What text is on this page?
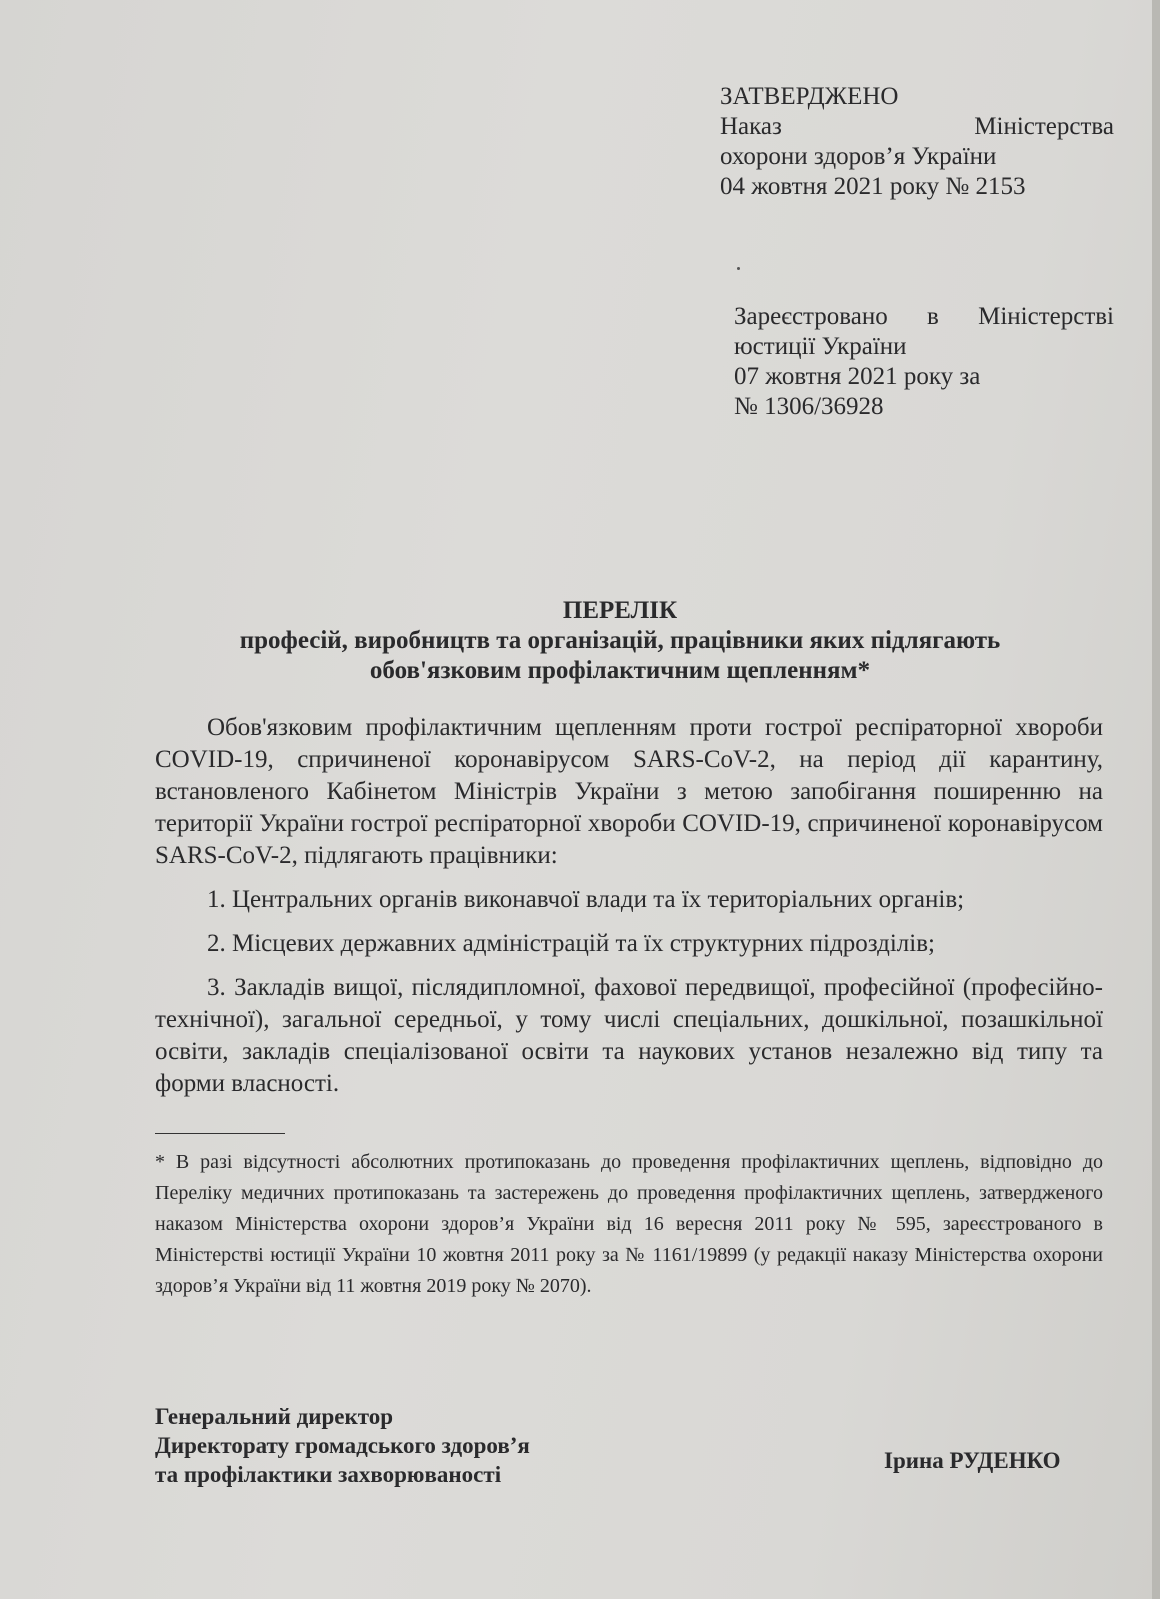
ЗАТВЕРДЖЕНО
Наказ	Міністерства
охорони здоров’я України
04 жовтня 2021 року № 2153
Зареєстровано в Міністерстві
юстиції України
07 жовтня 2021 року за
№ 1306/36928
ПЕРЕЛІК
професій, виробництв та організацій, працівники яких підлягають
обов'язковим профілактичним щепленням*

Обов'язковим профілактичним щепленням проти гострої респіраторної хвороби COVID-19, спричиненої коронавірусом SARS-CoV-2, на період дії карантину, встановленого Кабінетом Міністрів України з метою запобігання поширенню на території України гострої респіраторної хвороби COVID-19, спричиненої коронавірусом SARS-CoV-2, підлягають працівники:

1. Центральних органів виконавчої влади та їх територіальних органів;

2. Місцевих державних адміністрацій та їх структурних підрозділів;

3. Закладів вищої, післядипломної, фахової передвищої, професійної (професійно-технічної), загальної середньої, у тому числі спеціальних, дошкільної, позашкільної освіти, закладів спеціалізованої освіти та наукових установ незалежно від типу та форми власності.

* В разі відсутності абсолютних протипоказань до проведення профілактичних щеплень, відповідно до Переліку медичних протипоказань та застережень до проведення профілактичних щеплень, затвердженого наказом Міністерства охорони здоров’я України від 16 вересня 2011 року № 595, зареєстрованого в Міністерстві юстиції України 10 жовтня 2011 року за № 1161/19899 (у редакції наказу Міністерства охорони здоров’я України від 11 жовтня 2019 року № 2070).
Генеральний директор
Директорату громадського здоров’я
та профілактики захворюваності
Ірина РУДЕНКО
